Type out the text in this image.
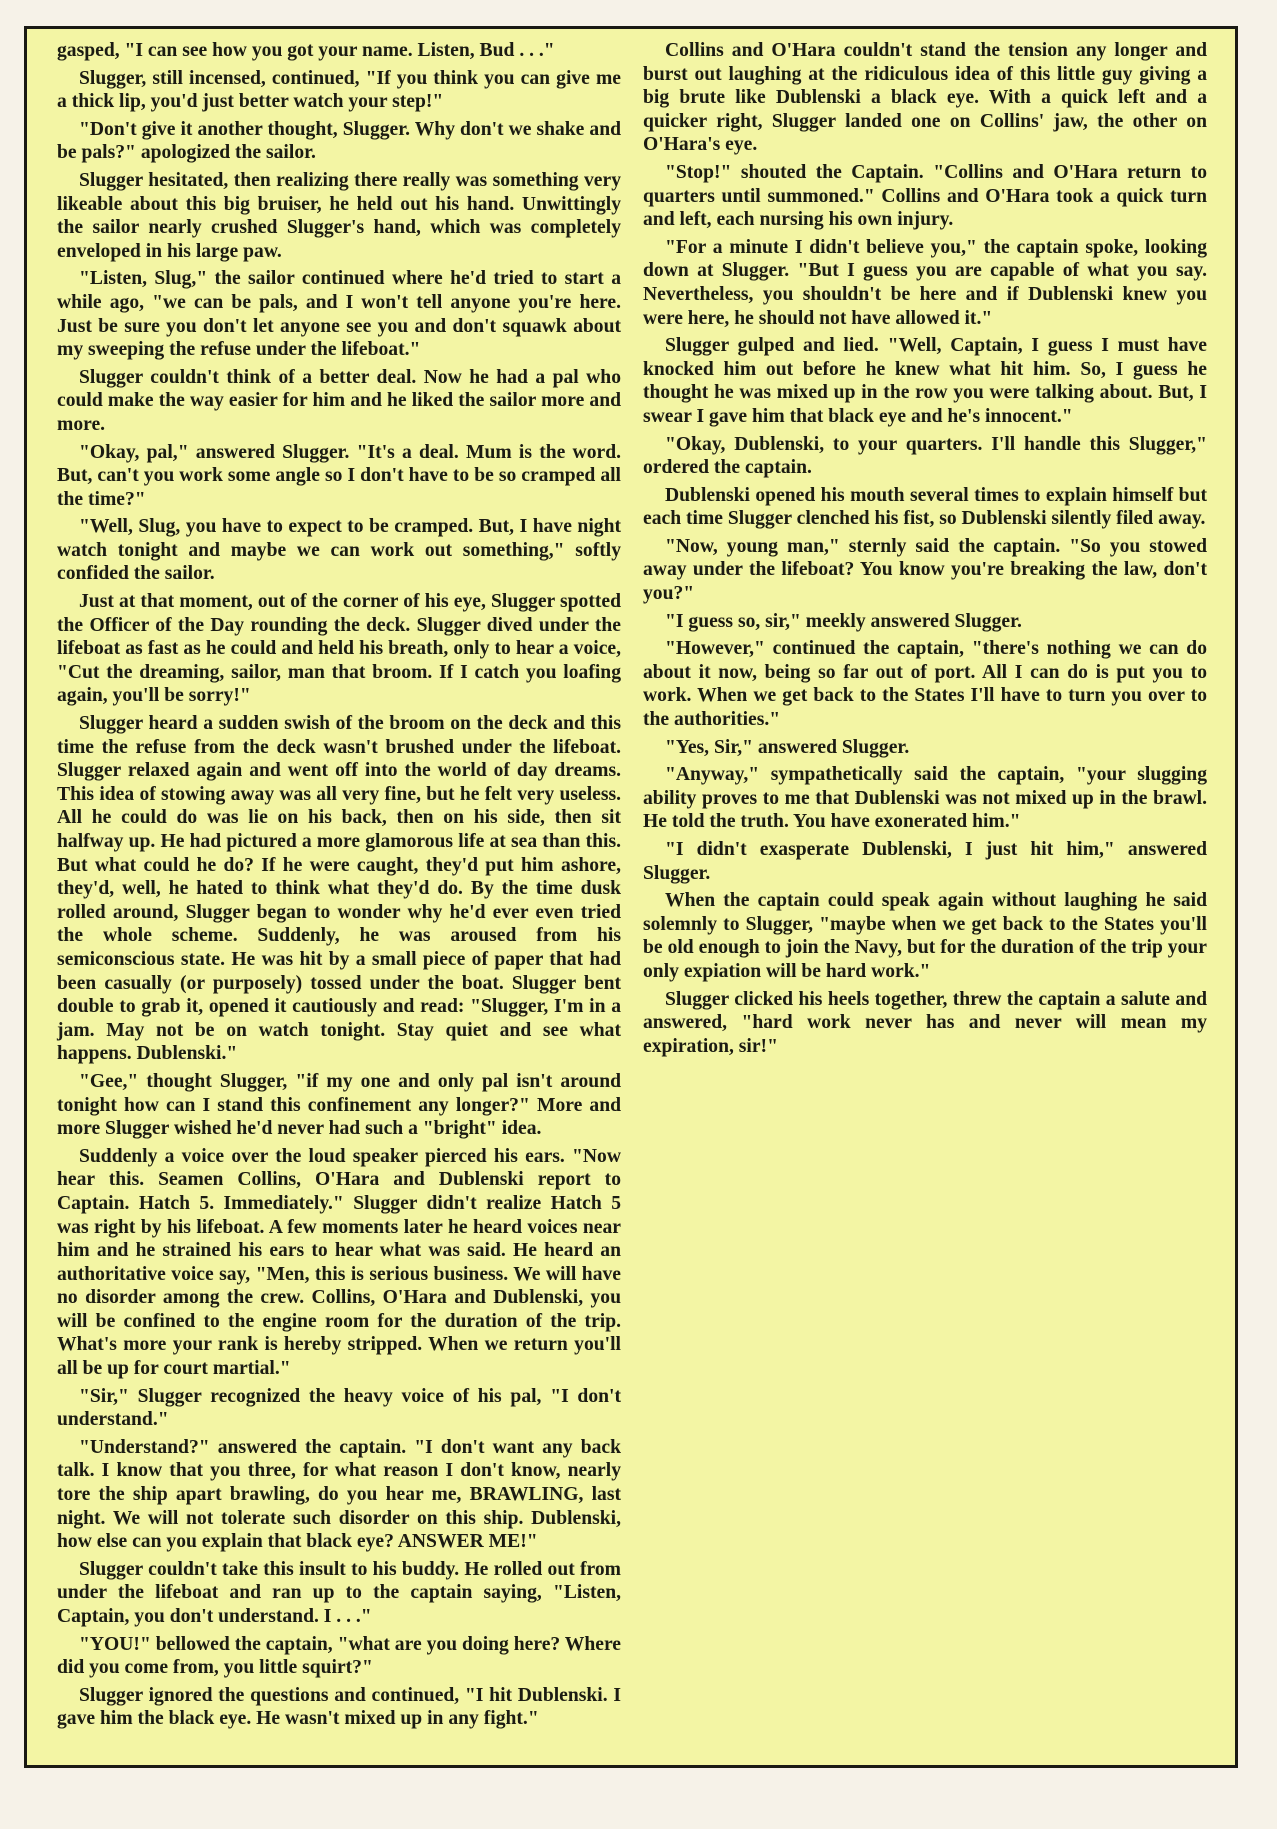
gasped, "I can see how you got your name. Listen, Bud . . ."

Slugger, still incensed, continued, "If you think you can give me a thick lip, you'd just better watch your step!"

"Don't give it another thought, Slugger. Why don't we shake and be pals?" apologized the sailor.

Slugger hesitated, then realizing there really was something very likeable about this big bruiser, he held out his hand. Unwittingly the sailor nearly crushed Slugger's hand, which was completely enveloped in his large paw.

"Listen, Slug," the sailor continued where he'd tried to start a while ago, "we can be pals, and I won't tell anyone you're here. Just be sure you don't let anyone see you and don't squawk about my sweeping the refuse under the lifeboat."

Slugger couldn't think of a better deal. Now he had a pal who could make the way easier for him and he liked the sailor more and more.

"Okay, pal," answered Slugger. "It's a deal. Mum is the word. But, can't you work some angle so I don't have to be so cramped all the time?"

"Well, Slug, you have to expect to be cramped. But, I have night watch tonight and maybe we can work out something," softly confided the sailor.

Just at that moment, out of the corner of his eye, Slugger spotted the Officer of the Day rounding the deck. Slugger dived under the lifeboat as fast as he could and held his breath, only to hear a voice, "Cut the dreaming, sailor, man that broom. If I catch you loafing again, you'll be sorry!"

Slugger heard a sudden swish of the broom on the deck and this time the refuse from the deck wasn't brushed under the lifeboat. Slugger relaxed again and went off into the world of day dreams. This idea of stowing away was all very fine, but he felt very useless. All he could do was lie on his back, then on his side, then sit halfway up. He had pictured a more glamorous life at sea than this. But what could he do? If he were caught, they'd put him ashore, they'd, well, he hated to think what they'd do. By the time dusk rolled around, Slugger began to wonder why he'd ever even tried the whole scheme. Suddenly, he was aroused from his semiconscious state. He was hit by a small piece of paper that had been casually (or purposely) tossed under the boat. Slugger bent double to grab it, opened it cautiously and read: "Slugger, I'm in a jam. May not be on watch tonight. Stay quiet and see what happens. Dublenski."

"Gee," thought Slugger, "if my one and only pal isn't around tonight how can I stand this confinement any longer?" More and more Slugger wished he'd never had such a "bright" idea.

Suddenly a voice over the loud speaker pierced his ears. "Now hear this. Seamen Collins, O'Hara and Dublenski report to Captain. Hatch 5. Immediately." Slugger didn't realize Hatch 5 was right by his lifeboat. A few moments later he heard voices near him and he strained his ears to hear what was said. He heard an authoritative voice say, "Men, this is serious business. We will have no disorder among the crew. Collins, O'Hara and Dublenski, you will be confined to the engine room for the duration of the trip. What's more your rank is hereby stripped. When we return you'll all be up for court martial."

"Sir," Slugger recognized the heavy voice of his pal, "I don't understand."

"Understand?" answered the captain. "I don't want any back talk. I know that you three, for what reason I don't know, nearly tore the ship apart brawling, do you hear me, BRAWLING, last night. We will not tolerate such disorder on this ship. Dublenski, how else can you explain that black eye? ANSWER ME!"

Slugger couldn't take this insult to his buddy. He rolled out from under the lifeboat and ran up to the captain saying, "Listen, Captain, you don't understand. I . . ."

"YOU!" bellowed the captain, "what are you doing here? Where did you come from, you little squirt?"

Slugger ignored the questions and continued, "I hit Dublenski. I gave him the black eye. He wasn't mixed up in any fight."

Collins and O'Hara couldn't stand the tension any longer and burst out laughing at the ridiculous idea of this little guy giving a big brute like Dublenski a black eye. With a quick left and a quicker right, Slugger landed one on Collins' jaw, the other on O'Hara's eye.

"Stop!" shouted the Captain. "Collins and O'Hara return to quarters until summoned." Collins and O'Hara took a quick turn and left, each nursing his own injury.

"For a minute I didn't believe you," the captain spoke, looking down at Slugger. "But I guess you are capable of what you say. Nevertheless, you shouldn't be here and if Dublenski knew you were here, he should not have allowed it."

Slugger gulped and lied. "Well, Captain, I guess I must have knocked him out before he knew what hit him. So, I guess he thought he was mixed up in the row you were talking about. But, I swear I gave him that black eye and he's innocent."

"Okay, Dublenski, to your quarters. I'll handle this Slugger," ordered the captain.

Dublenski opened his mouth several times to explain himself but each time Slugger clenched his fist, so Dublenski silently filed away.

"Now, young man," sternly said the captain. "So you stowed away under the lifeboat? You know you're breaking the law, don't you?"

"I guess so, sir," meekly answered Slugger.

"However," continued the captain, "there's nothing we can do about it now, being so far out of port. All I can do is put you to work. When we get back to the States I'll have to turn you over to the authorities."

"Yes, Sir," answered Slugger.

"Anyway," sympathetically said the captain, "your slugging ability proves to me that Dublenski was not mixed up in the brawl. He told the truth. You have exonerated him."

"I didn't exasperate Dublenski, I just hit him," answered Slugger.

When the captain could speak again without laughing he said solemnly to Slugger, "maybe when we get back to the States you'll be old enough to join the Navy, but for the duration of the trip your only expiation will be hard work."

Slugger clicked his heels together, threw the captain a salute and answered, "hard work never has and never will mean my expiration, sir!"
